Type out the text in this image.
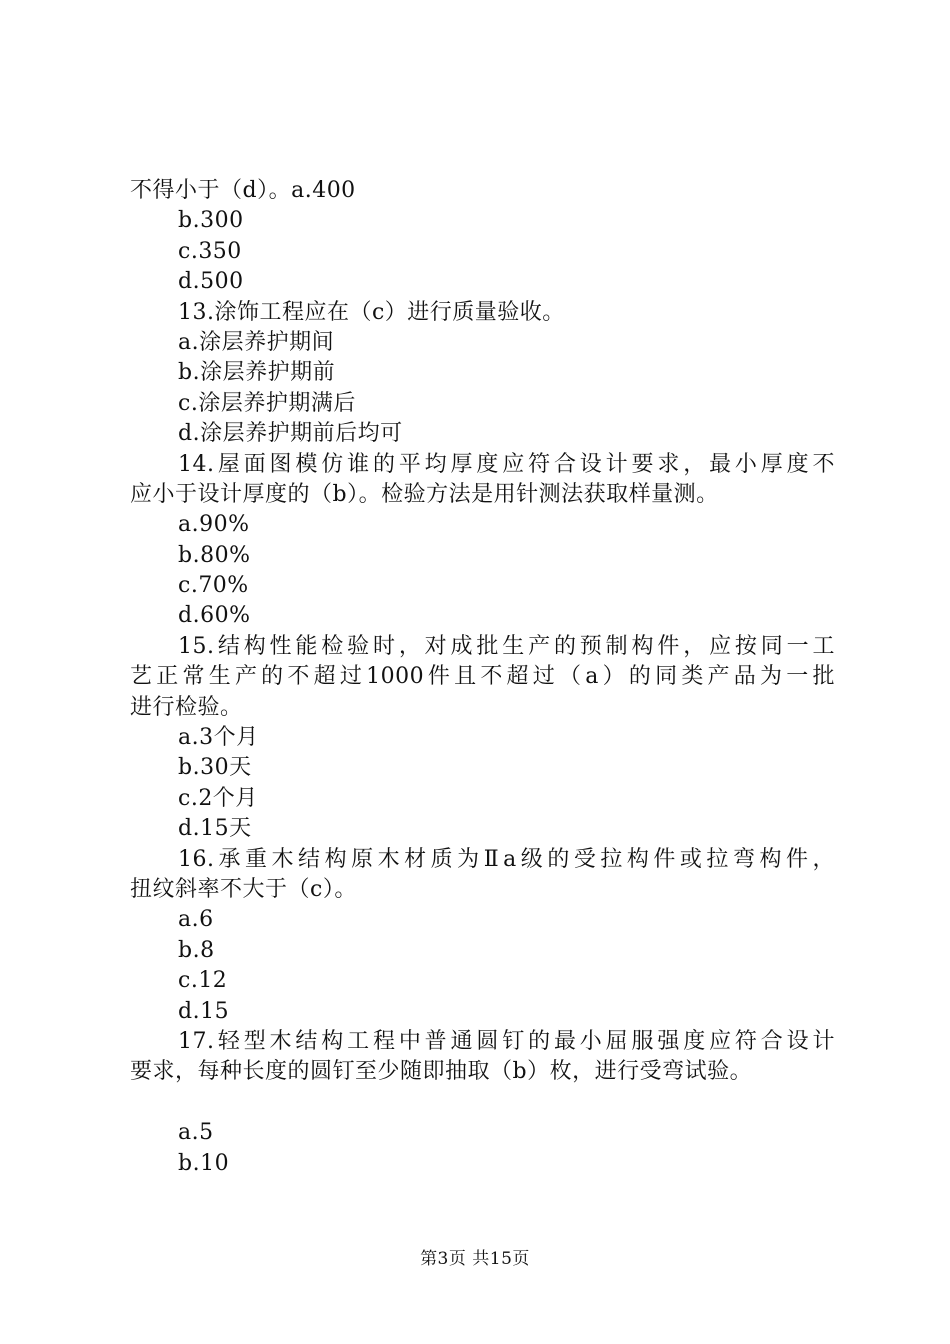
不得小于（d）。a.400
b.300
c.350
d.500
13.涂饰工程应在（c）进行质量验收。
a.涂层养护期间
b.涂层养护期前
c.涂层养护期满后
d.涂层养护期前后均可
14.屋面图模仿谁的平均厚度应符合设计要求，最小厚度不
应小于设计厚度的（b）。检验方法是用针测法获取样量测。
a.90%
b.80%
c.70%
d.60%
15.结构性能检验时，对成批生产的预制构件，应按同一工
艺正常生产的不超过1000件且不超过（a）的同类产品为一批
进行检验。
a.3个月
b.30天
c.2个月
d.15天
16.承重木结构原木材质为Ⅱa级的受拉构件或拉弯构件，
扭纹斜率不大于（c）。
a.6
b.8
c.12
d.15
17.轻型木结构工程中普通圆钉的最小屈服强度应符合设计
要求，每种长度的圆钉至少随即抽取（b）枚，进行受弯试验。
a.5
b.10
第3页 共15页
